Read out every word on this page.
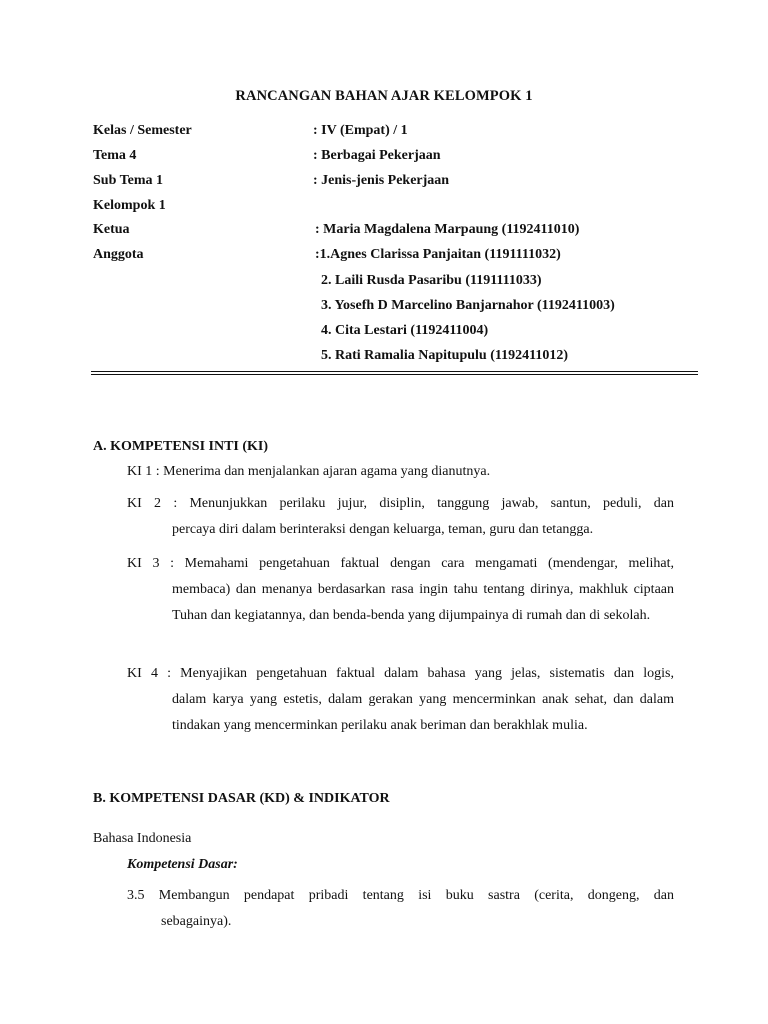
RANCANGAN BAHAN AJAR KELOMPOK 1
Kelas / Semester	: IV (Empat) / 1
Tema 4	: Berbagai Pekerjaan
Sub Tema 1	: Jenis-jenis Pekerjaan
Kelompok 1
Ketua	: Maria Magdalena Marpaung (1192411010)
Anggota	:1.Agnes Clarissa Panjaitan (1191111032)
2. Laili Rusda Pasaribu (1191111033)
3. Yosefh D Marcelino Banjarnahor (1192411003)
4. Cita Lestari (1192411004)
5. Rati Ramalia Napitupulu (1192411012)
A. KOMPETENSI INTI (KI)
KI 1 : Menerima dan menjalankan ajaran agama yang dianutnya.
KI 2 : Menunjukkan perilaku jujur, disiplin, tanggung jawab, santun, peduli, dan
percaya diri dalam berinteraksi dengan keluarga, teman, guru dan tetangga.
KI 3 : Memahami pengetahuan faktual dengan cara mengamati (mendengar, melihat,
membaca) dan menanya berdasarkan rasa ingin tahu tentang dirinya, makhluk ciptaan Tuhan dan kegiatannya, dan benda-benda yang dijumpainya di rumah dan di sekolah.
KI 4 : Menyajikan pengetahuan faktual dalam bahasa yang jelas, sistematis dan logis,
dalam karya yang estetis, dalam gerakan yang mencerminkan anak sehat, dan dalam tindakan yang mencerminkan perilaku anak beriman dan berakhlak mulia.
B. KOMPETENSI DASAR (KD) & INDIKATOR
Bahasa Indonesia
Kompetensi Dasar:
3.5 Membangun pendapat pribadi tentang isi buku sastra (cerita, dongeng, dan
sebagainya).
